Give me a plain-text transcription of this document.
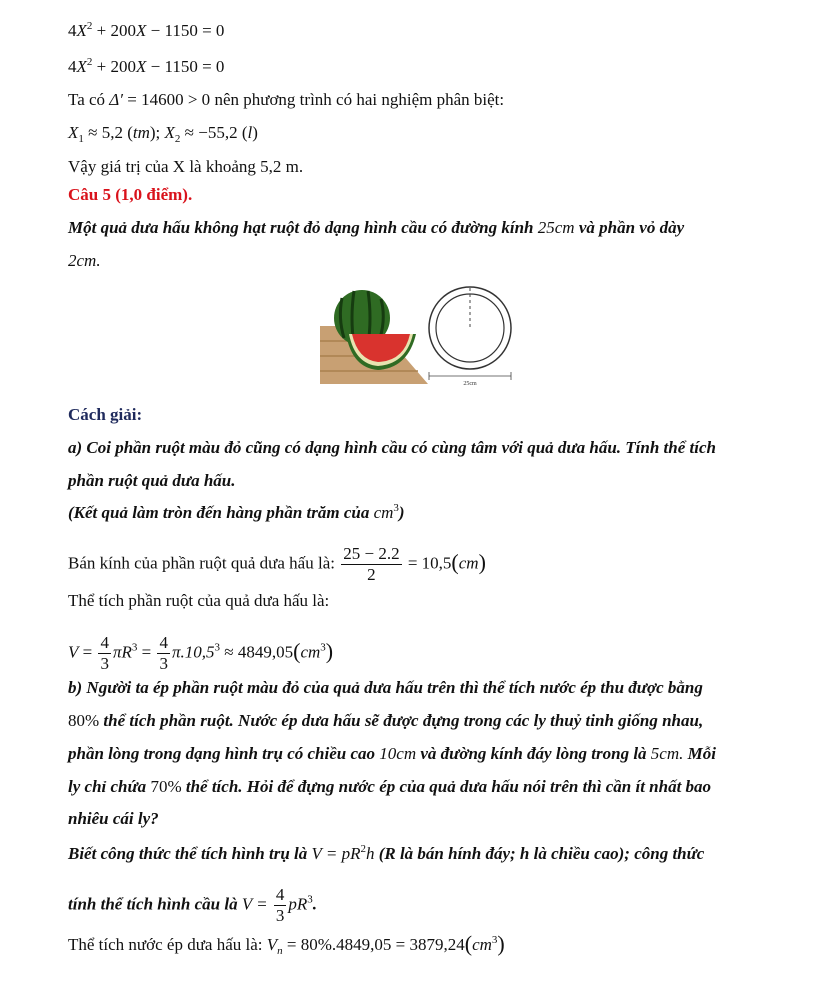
$4X^2 + 200X - 1150 = 0$
$4X^2 + 200X - 1150 = 0$
Ta có Δ′ = 14600 > 0 nên phương trình có hai nghiệm phân biệt:
$X_1 \approx 5,2$ (tm); $X_2 \approx -55,2$ (l)
Vậy giá trị của X là khoảng 5,2 m.
Câu 5 (1,0 điểm).
Một quả dưa hấu không hạt ruột đỏ dạng hình cầu có đường kính 25cm và phần vỏ dày
2cm.
25cm
Cách giải:
a) Coi phần ruột màu đỏ cũng có dạng hình cầu có cùng tâm với quả dưa hấu. Tính thể tích
phần ruột quả dưa hấu.
(Kết quả làm tròn đến hàng phần trăm của $cm^3$)
Bán kính của phần ruột quả dưa hấu là: $\frac{25 - 2.2}{2} = 10,5(cm)$
Thể tích phần ruột của quả dưa hấu là:
$V = \frac{4}{3} \pi R^3 = \frac{4}{3} \pi.10,5^3 \approx 4849,05(cm^3)$
b) Người ta ép phần ruột màu đỏ của quả dưa hấu trên thì thể tích nước ép thu được bằng
80% thể tích phần ruột. Nước ép dưa hấu sẽ được đựng trong các ly thuỷ tinh giống nhau,
phần lòng trong dạng hình trụ có chiều cao 10cm và đường kính đáy lòng trong là 5cm. Mỗi
ly chỉ chứa 70% thể tích. Hỏi để đựng nước ép của quả dưa hấu nói trên thì cần ít nhất bao
nhiêu cái ly?
Biết công thức thể tích hình trụ là $V = pR^2h$ (R là bán hính đáy; h là chiều cao); công thức
tính thể tích hình cầu là $V = \frac{4}{3} pR^3$.
Thể tích nước ép dưa hấu là: $V_n = 80\%.4849,05 = 3879,24(cm^3)$
